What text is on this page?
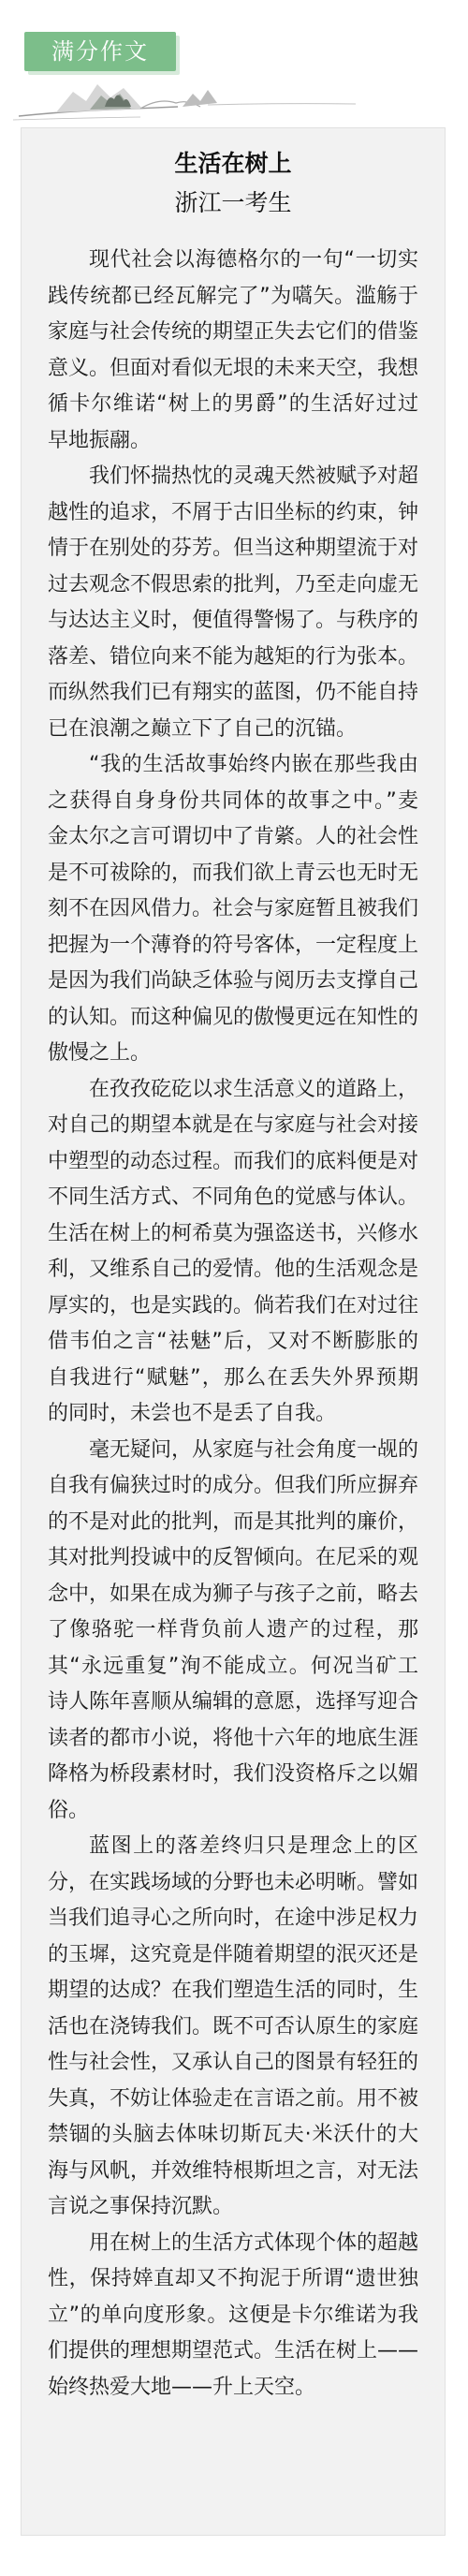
满分作文
生活在树上
浙江一考生

现代社会以海德格尔的一句“一切实践传统都已经瓦解完了”为嚆矢。滥觞于家庭与社会传统的期望正失去它们的借鉴意义。但面对看似无垠的未来天空，我想循卡尔维诺“树上的男爵”的生活好过过早地振翮。

我们怀揣热忱的灵魂天然被赋予对超越性的追求，不屑于古旧坐标的约束，钟情于在别处的芬芳。但当这种期望流于对过去观念不假思索的批判，乃至走向虚无与达达主义时，便值得警惕了。与秩序的落差、错位向来不能为越矩的行为张本。而纵然我们已有翔实的蓝图，仍不能自持已在浪潮之巅立下了自己的沉锚。

“我的生活故事始终内嵌在那些我由之获得自身身份共同体的故事之中。”麦金太尔之言可谓切中了肯綮。人的社会性是不可祓除的，而我们欲上青云也无时无刻不在因风借力。社会与家庭暂且被我们把握为一个薄脊的符号客体，一定程度上是因为我们尚缺乏体验与阅历去支撑自己的认知。而这种偏见的傲慢更远在知性的傲慢之上。

在孜孜矻矻以求生活意义的道路上，对自己的期望本就是在与家庭与社会对接中塑型的动态过程。而我们的底料便是对不同生活方式、不同角色的觉感与体认。生活在树上的柯希莫为强盗送书，兴修水利，又维系自己的爱情。他的生活观念是厚实的，也是实践的。倘若我们在对过往借韦伯之言“祛魅”后，又对不断膨胀的自我进行“赋魅”，那么在丢失外界预期的同时，未尝也不是丢了自我。

毫无疑问，从家庭与社会角度一觇的自我有偏狭过时的成分。但我们所应摒弃的不是对此的批判，而是其批判的廉价，其对批判投诚中的反智倾向。在尼采的观念中，如果在成为狮子与孩子之前，略去了像骆驼一样背负前人遗产的过程，那其“永远重复”洵不能成立。何况当矿工诗人陈年喜顺从编辑的意愿，选择写迎合读者的都市小说，将他十六年的地底生涯降格为桥段素材时，我们没资格斥之以媚俗。

蓝图上的落差终归只是理念上的区分，在实践场域的分野也未必明晰。譬如当我们追寻心之所向时，在途中涉足权力的玉墀，这究竟是伴随着期望的泯灭还是期望的达成？在我们塑造生活的同时，生活也在浇铸我们。既不可否认原生的家庭性与社会性，又承认自己的图景有轻狂的失真，不妨让体验走在言语之前。用不被禁锢的头脑去体味切斯瓦夫·米沃什的大海与风帆，并效维特根斯坦之言，对无法言说之事保持沉默。

用在树上的生活方式体现个体的超越性，保持婞直却又不拘泥于所谓“遗世独立”的单向度形象。这便是卡尔维诺为我们提供的理想期望范式。生活在树上——始终热爱大地——升上天空。
